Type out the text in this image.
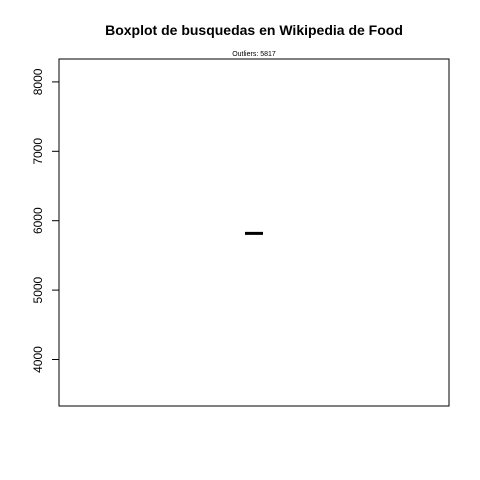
Boxplot de busquedas en Wikipedia de Food
Outliers: 5817
4000
5000
6000
7000
8000
